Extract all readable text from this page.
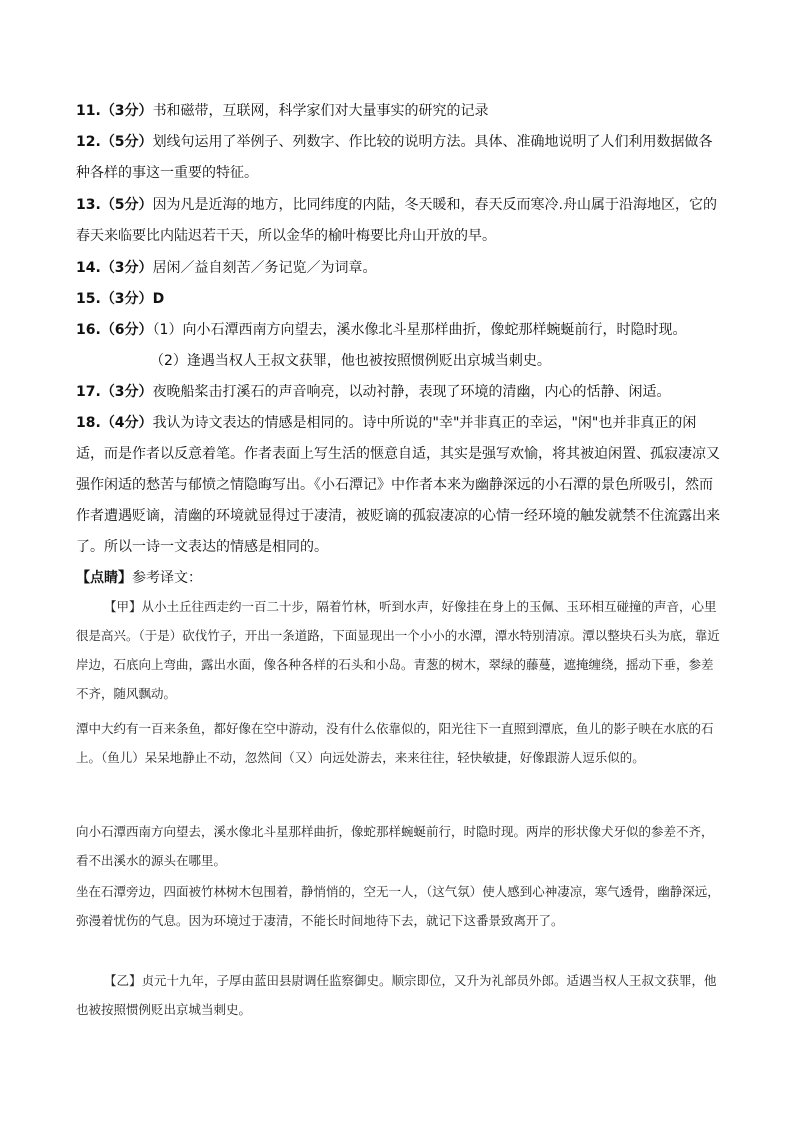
11.（3分）书和磁带，互联网，科学家们对大量事实的研究的记录
12.（5分）划线句运用了举例子、列数字、作比较的说明方法。具体、准确地说明了人们利用数据做各种各样的事这一重要的特征。
13.（5分）因为凡是近海的地方，比同纬度的内陆，冬天暖和，春天反而寒冷.舟山属于沿海地区，它的春天来临要比内陆迟若干天，所以金华的榆叶梅要比舟山开放的早。
14.（3分）居闲／益自刻苦／务记览／为词章。
15.（3分）D
16.（6分）（1）向小石潭西南方向望去，溪水像北斗星那样曲折，像蛇那样蜿蜒前行，时隐时现。
（2）逢遇当权人王叔文获罪，他也被按照惯例贬出京城当刺史。
17.（3分）夜晚船桨击打溪石的声音响亮，以动衬静，表现了环境的清幽，内心的恬静、闲适。
18.（4分）我认为诗文表达的情感是相同的。诗中所说的"幸"并非真正的幸运，"闲"也并非真正的闲适，而是作者以反意着笔。作者表面上写生活的惬意自适，其实是强写欢愉，将其被迫闲置、孤寂凄凉又强作闲适的愁苦与郁愤之情隐晦写出。《小石潭记》中作者本来为幽静深远的小石潭的景色所吸引，然而作者遭遇贬谪，清幽的环境就显得过于凄清，被贬谪的孤寂凄凉的心情一经环境的触发就禁不住流露出来了。所以一诗一文表达的情感是相同的。
【点睛】参考译文：
【甲】从小土丘往西走约一百二十步，隔着竹林，听到水声，好像挂在身上的玉佩、玉环相互碰撞的声音，心里很是高兴。（于是）砍伐竹子，开出一条道路，下面显现出一个小小的水潭，潭水特别清凉。潭以整块石头为底，靠近岸边，石底向上弯曲，露出水面，像各种各样的石头和小岛。青葱的树木，翠绿的藤蔓，遮掩缠绕，摇动下垂，参差不齐，随风飘动。
潭中大约有一百来条鱼，都好像在空中游动，没有什么依靠似的，阳光往下一直照到潭底，鱼儿的影子映在水底的石上。（鱼儿）呆呆地静止不动，忽然间（又）向远处游去，来来往往，轻快敏捷，好像跟游人逗乐似的。
向小石潭西南方向望去，溪水像北斗星那样曲折，像蛇那样蜿蜒前行，时隐时现。两岸的形状像犬牙似的参差不齐，看不出溪水的源头在哪里。
坐在石潭旁边，四面被竹林树木包围着，静悄悄的，空无一人，（这气氛）使人感到心神凄凉，寒气透骨，幽静深远，弥漫着忧伤的气息。因为环境过于凄清，不能长时间地待下去，就记下这番景致离开了。
【乙】贞元十九年，子厚由蓝田县尉调任监察御史。顺宗即位，又升为礼部员外郎。适遇当权人王叔文获罪，他也被按照惯例贬出京城当刺史。
